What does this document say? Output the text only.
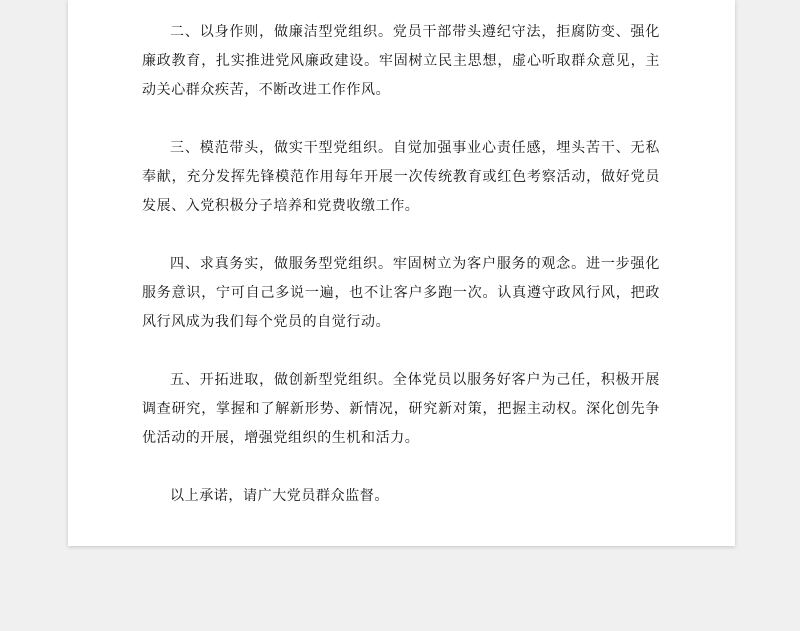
二、以身作则，做廉洁型党组织。党员干部带头遵纪守法，拒腐防变、强化廉政教育，扎实推进党风廉政建设。牢固树立民主思想，虚心听取群众意见，主动关心群众疾苦，不断改进工作作风。

三、模范带头，做实干型党组织。自觉加强事业心责任感，埋头苦干、无私奉献，充分发挥先锋模范作用每年开展一次传统教育或红色考察活动，做好党员发展、入党积极分子培养和党费收缴工作。

四、求真务实，做服务型党组织。牢固树立为客户服务的观念。进一步强化服务意识，宁可自己多说一遍，也不让客户多跑一次。认真遵守政风行风，把政风行风成为我们每个党员的自觉行动。

五、开拓进取，做创新型党组织。全体党员以服务好客户为己任，积极开展调查研究，掌握和了解新形势、新情况，研究新对策，把握主动权。深化创先争优活动的开展，增强党组织的生机和活力。

以上承诺，请广大党员群众监督。
